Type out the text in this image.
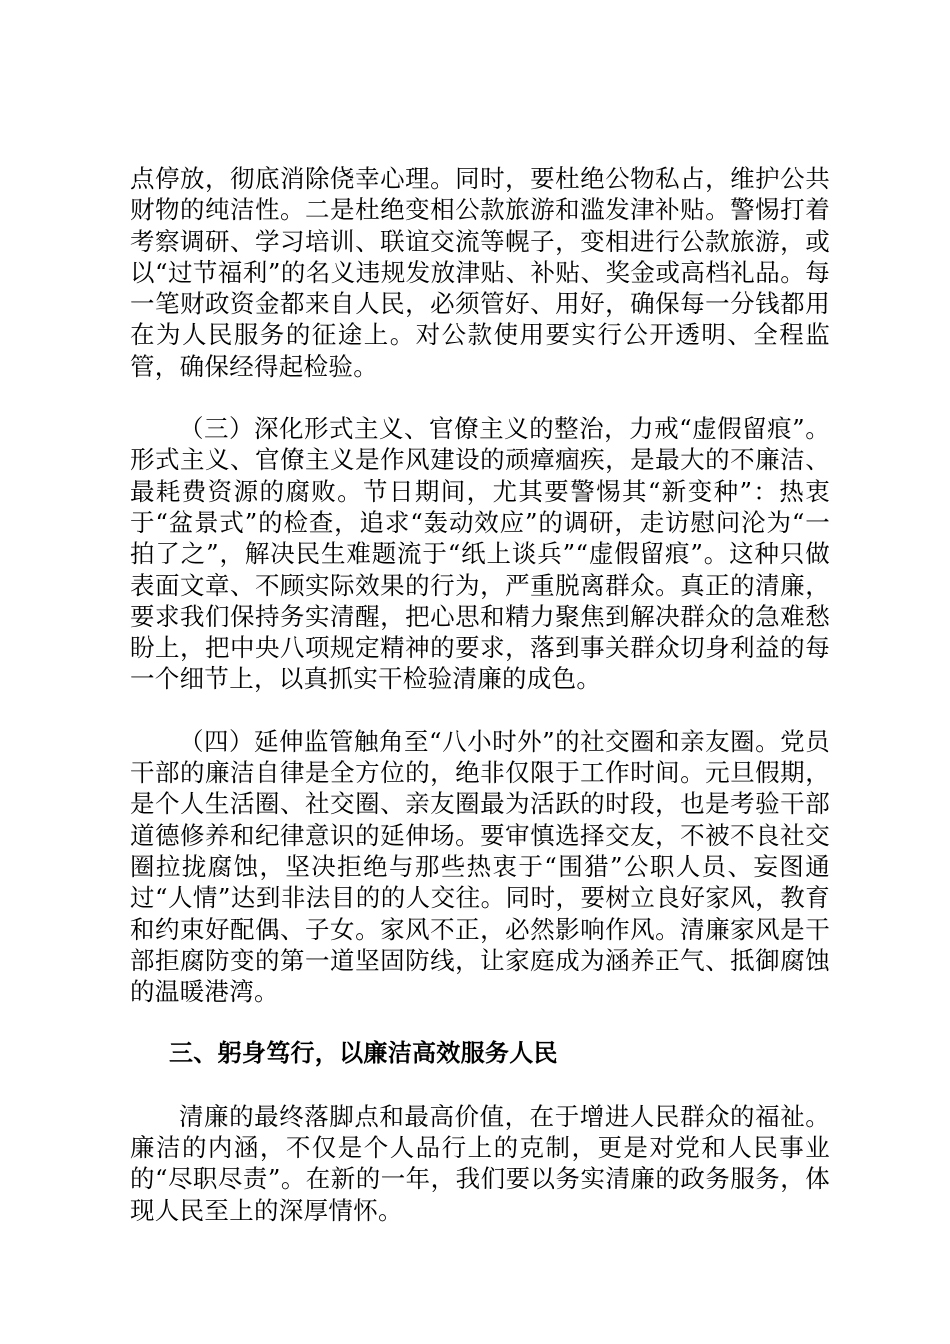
点停放，彻底消除侥幸心理。同时，要杜绝公物私占，维护公共财物的纯洁性。二是杜绝变相公款旅游和滥发津补贴。警惕打着考察调研、学习培训、联谊交流等幌子，变相进行公款旅游，或以“过节福利”的名义违规发放津贴、补贴、奖金或高档礼品。每一笔财政资金都来自人民，必须管好、用好，确保每一分钱都用在为人民服务的征途上。对公款使用要实行公开透明、全程监管，确保经得起检验。

（三）深化形式主义、官僚主义的整治，力戒“虚假留痕”。形式主义、官僚主义是作风建设的顽瘴痼疾，是最大的不廉洁、最耗费资源的腐败。节日期间，尤其要警惕其“新变种”：热衷于“盆景式”的检查，追求“轰动效应”的调研，走访慰问沦为“一拍了之”，解决民生难题流于“纸上谈兵”“虚假留痕”。这种只做表面文章、不顾实际效果的行为，严重脱离群众。真正的清廉，要求我们保持务实清醒，把心思和精力聚焦到解决群众的急难愁盼上，把中央八项规定精神的要求，落到事关群众切身利益的每一个细节上，以真抓实干检验清廉的成色。

（四）延伸监管触角至“八小时外”的社交圈和亲友圈。党员干部的廉洁自律是全方位的，绝非仅限于工作时间。元旦假期，是个人生活圈、社交圈、亲友圈最为活跃的时段，也是考验干部道德修养和纪律意识的延伸场。要审慎选择交友，不被不良社交圈拉拢腐蚀，坚决拒绝与那些热衷于“围猎”公职人员、妄图通过“人情”达到非法目的的人交往。同时，要树立良好家风，教育和约束好配偶、子女。家风不正，必然影响作风。清廉家风是干部拒腐防变的第一道坚固防线，让家庭成为涵养正气、抵御腐蚀的温暖港湾。

三、躬身笃行，以廉洁高效服务人民

清廉的最终落脚点和最高价值，在于增进人民群众的福祉。廉洁的内涵，不仅是个人品行上的克制，更是对党和人民事业的“尽职尽责”。在新的一年，我们要以务实清廉的政务服务，体现人民至上的深厚情怀。
